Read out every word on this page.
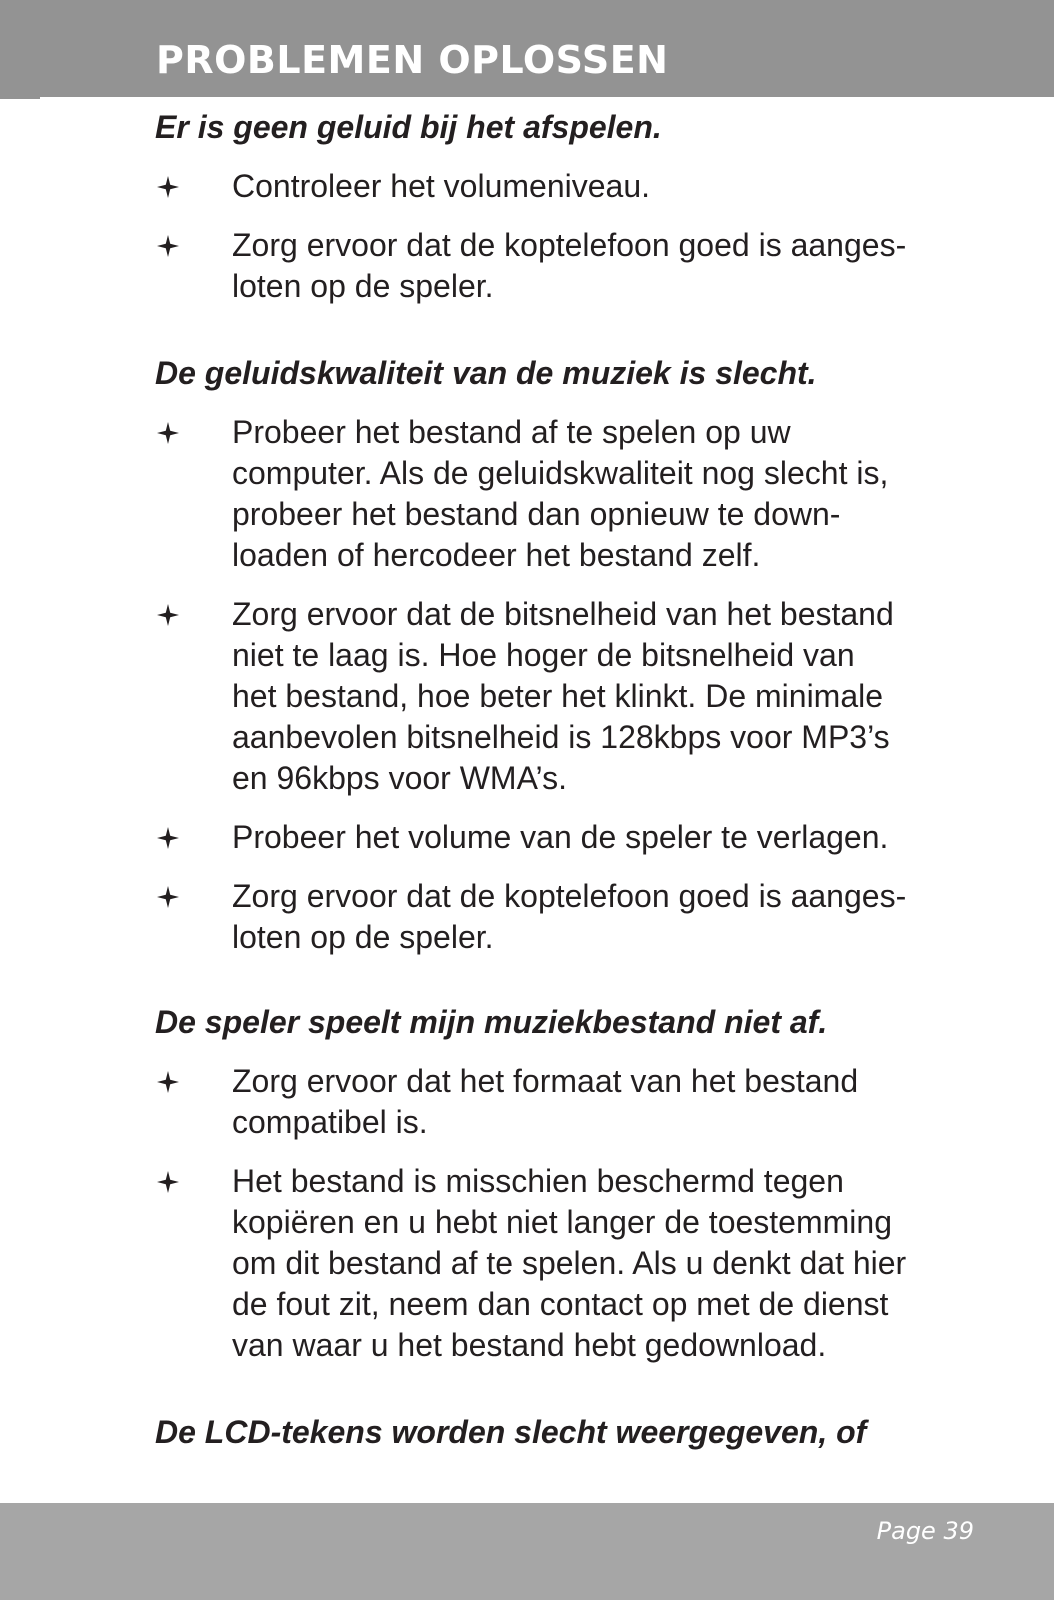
PROBLEMEN OPLOSSEN
Er is geen geluid bij het afspelen.
Controleer het volumeniveau.
Zorg ervoor dat de koptelefoon goed is aanges-
loten op de speler.
De geluidskwaliteit van de muziek is slecht.
Probeer het bestand af te spelen op uw
computer. Als de geluidskwaliteit nog slecht is,
probeer het bestand dan opnieuw te down-
loaden of hercodeer het bestand zelf.
Zorg ervoor dat de bitsnelheid van het bestand
niet te laag is. Hoe hoger de bitsnelheid van
het bestand, hoe beter het klinkt. De minimale
aanbevolen bitsnelheid is 128kbps voor MP3’s
en 96kbps voor WMA’s.
Probeer het volume van de speler te verlagen.
Zorg ervoor dat de koptelefoon goed is aanges-
loten op de speler.
De speler speelt mijn muziekbestand niet af.
Zorg ervoor dat het formaat van het bestand
compatibel is.
Het bestand is misschien beschermd tegen
kopiëren en u hebt niet langer de toestemming
om dit bestand af te spelen. Als u denkt dat hier
de fout zit, neem dan contact op met de dienst
van waar u het bestand hebt gedownload.
De LCD-tekens worden slecht weergegeven, of
Page 39
